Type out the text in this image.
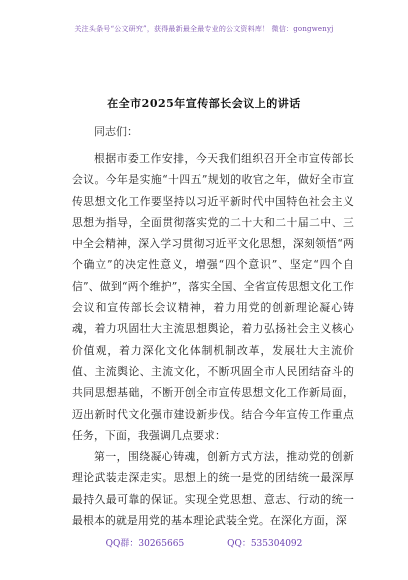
关注头条号“公文研究”，获得最新最全最专业的公文资料库！ 微信：gongwenyj
在全市2025年宣传部长会议上的讲话
同志们：

根据市委工作安排，今天我们组织召开全市宣传部长会议。今年是实施“十四五”规划的收官之年，做好全市宣传思想文化工作要坚持以习近平新时代中国特色社会主义思想为指导，全面贯彻落实党的二十大和二十届二中、三中全会精神，深入学习贯彻习近平文化思想，深刻领悟“两个确立”的决定性意义，增强“四个意识”、坚定“四个自信”、做到“两个维护”，落实全国、全省宣传思想文化工作会议和宣传部长会议精神，着力用党的创新理论凝心铸魂，着力巩固壮大主流思想舆论，着力弘扬社会主义核心价值观，着力深化文化体制机制改革，发展壮大主流价值、主流舆论、主流文化，不断巩固全市人民团结奋斗的共同思想基础，不断开创全市宣传思想文化工作新局面，迈出新时代文化强市建设新步伐。结合今年宣传工作重点任务，下面，我强调几点要求：

第一，围绕凝心铸魂，创新方式方法，推动党的创新理论武装走深走实。思想上的统一是党的团结统一最深厚最持久最可靠的保证。实现全党思想、意志、行动的统一最根本的就是用党的基本理论武装全党。在深化方面，深

QQ群：30265665	QQ：535304092
